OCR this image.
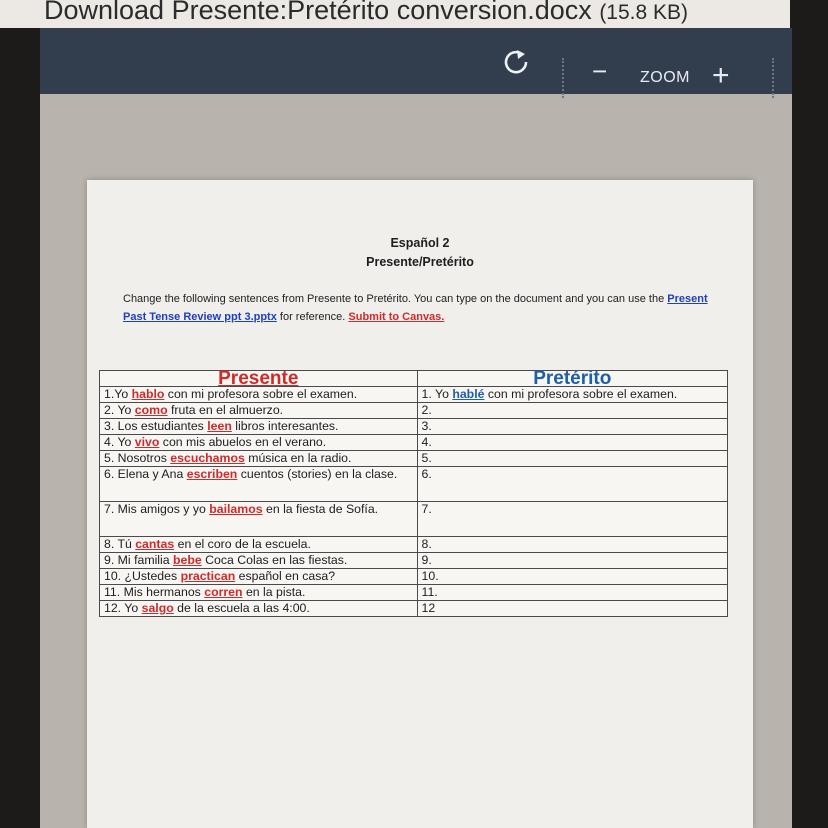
Download Presente:Pretérito conversion.docx (15.8 KB)
− ZOOM +
Español 2
Presente/Pretérito
Change the following sentences from Presente to Pretérito. You can type on the document and you can use the Present Past Tense Review ppt 3.pptx for reference. Submit to Canvas.
Presente	Pretérito
1.Yo hablo con mi profesora sobre el examen.	1. Yo hablé con mi profesora sobre el examen.
2. Yo como fruta en el almuerzo.	2.
3. Los estudiantes leen libros interesantes.	3.
4. Yo vivo con mis abuelos en el verano.	4.
5. Nosotros escuchamos música en la radio.	5.
6. Elena y Ana escriben cuentos (stories) en la clase.	6.
7. Mis amigos y yo bailamos en la fiesta de Sofía.	7.
8. Tú cantas en el coro de la escuela.	8.
9. Mi familia bebe Coca Colas en las fiestas.	9.
10. ¿Ustedes practican español en casa?	10.
11. Mis hermanos corren en la pista.	11.
12. Yo salgo de la escuela a las 4:00.	12
